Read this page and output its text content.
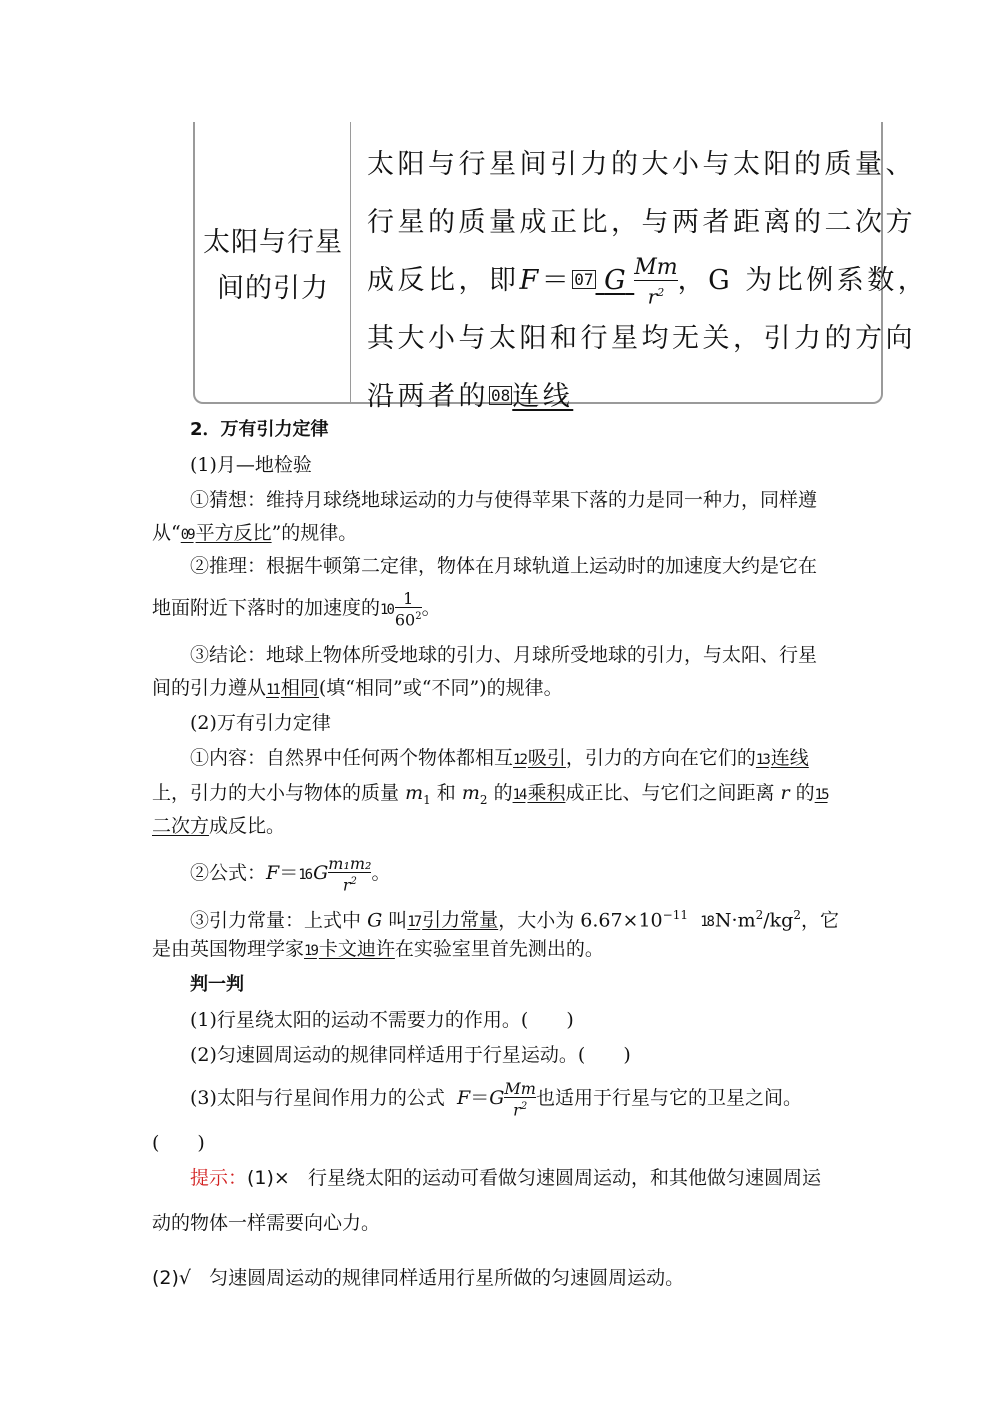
太阳与行星
间的引力
太阳与行星间引力的大小与太阳的质量、
行星的质量成正比，与两者距离的二次方
成反比，即F＝ 07 G $\frac{Mm}{r^2}$ ，G 为比例系数，
其大小与太阳和行星均无关，引力的方向
沿两者的 08连线
2．万有引力定律
(1)月—地检验
①猜想：维持月球绕地球运动的力与使得苹果下落的力是同一种力，同样遵
从“09 平方反比”的规律。
②推理：根据牛顿第二定律，物体在月球轨道上运动时的加速度大约是它在
地面附近下落时的加速度的$10 \frac{1}{60^2}$ 。
③结论：地球上物体所受地球的引力、月球所受地球的引力，与太阳、行星
间的引力遵从11 相同(填“相同”或“不同”)的规律。
(2)万有引力定律
①内容：自然界中任何两个物体都相互12 吸引，引力的方向在它们的13 连线
上，引力的大小与物体的质量 $m_1$ 和 $m_2$ 的14 乘积成正比、与它们之间距离 r 的15
二次方成反比。
②公式：F＝16 G $\frac{\text{m₁m₂}}{r^2}$ 。
③引力常量：上式中 G 叫17 引力常量，大小为 $6.67\times 10^{-11}$ 18 $N\cdot m^2/kg^2$，它
是由英国物理学家19 卡文迪许在实验室里首先测出的。
判一判
(1)行星绕太阳的运动不需要力的作用。(　　)
(2)匀速圆周运动的规律同样适用于行星运动。(　　)
(3)太阳与行星间作用力的公式 $F=G \frac{Mm}{r^2}$ 也适用于行星与它的卫星之间。
(　　)
提示：(1)× 行星绕太阳的运动可看做匀速圆周运动，和其他做匀速圆周运
动的物体一样需要向心力。
(2)√ 匀速圆周运动的规律同样适用行星所做的匀速圆周运动。
